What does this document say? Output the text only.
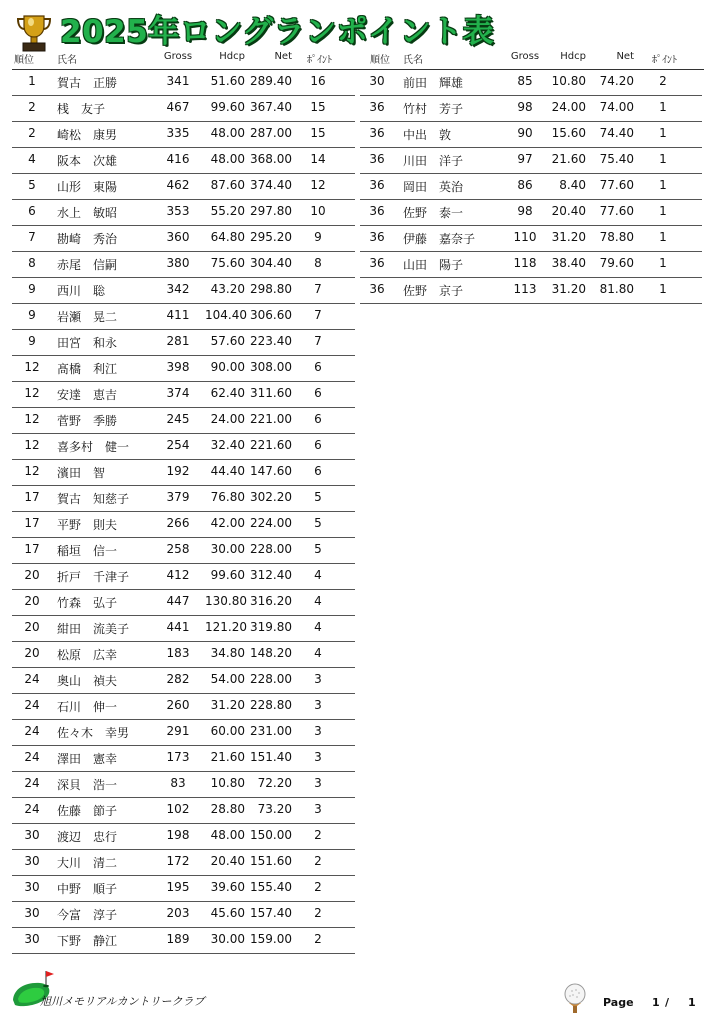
2025年ロングランポイント表
順位 氏名	Gross	Hdcp	Net ﾎﾟｲﾝﾄ	順位 氏名	Gross	Hdcp	Net ﾎﾟｲﾝﾄ
1	賀古　正勝	341	51.60 289.40 16
2	桟　友子	467	99.60 367.40 15
2	崎松　康男	335	48.00 287.00 15
4	阪本　次雄	416	48.00 368.00 14
5	山形　東陽	462	87.60 374.40 12
6	水上　敏昭	353	55.20 297.80 10
7	勘崎　秀治	360	64.80 295.20	9
8	赤尾　信嗣	380	75.60 304.40	8
9	西川　聡	342	43.20 298.80	7
9	岩瀬　晃二	411 104.40 306.60	7
9	田宮　和永	281	57.60 223.40	7
12 髙橋　利江	398	90.00 308.00	6
12 安達　恵吉	374	62.40 311.60	6
12 菅野　季勝	245	24.00 221.00	6
12 喜多村　健一	254	32.40 221.60	6
12 濱田　智	192	44.40 147.60	6
17 賀古　知慈子	379	76.80 302.20	5
17 平野　則夫	266	42.00 224.00	5
17 稲垣　信一	258	30.00 228.00	5
20 折戸　千津子	412	99.60 312.40	4
20 竹森　弘子	447 130.80 316.20	4
20 紺田　流美子	441 121.20 319.80	4
20 松原　広幸	183	34.80 148.20	4
24 奥山　禎夫	282	54.00 228.00	3
24 石川　伸一	260	31.20 228.80	3
24 佐々木　幸男	291	60.00 231.00	3
24 澤田　憲幸	173	21.60 151.40	3
24 深貝　浩一	83	10.80	72.20	3
24 佐藤　節子	102	28.80	73.20	3
30 渡辺　忠行	198	48.00 150.00	2
30 大川　清二	172	20.40 151.60	2
30 中野　順子	195	39.60 155.40	2
30 今富　淳子	203	45.60 157.40	2
30 下野　静江	189	30.00 159.00	2
30 前田　輝雄	85	10.80 74.20	2
36 竹村　芳子	98	24.00 74.00	1
36 中出　敦	90	15.60 74.40	1
36 川田　洋子	97	21.60 75.40	1
36 岡田　英治	86	8.40 77.60	1
36 佐野　泰一	98	20.40 77.60	1
36 伊藤　嘉奈子	110 31.20 78.80	1
36 山田　陽子	118 38.40 79.60	1
36 佐野　京子	113 31.20 81.80	1
旭川メモリアルカントリークラブ	Page 1 / 1
